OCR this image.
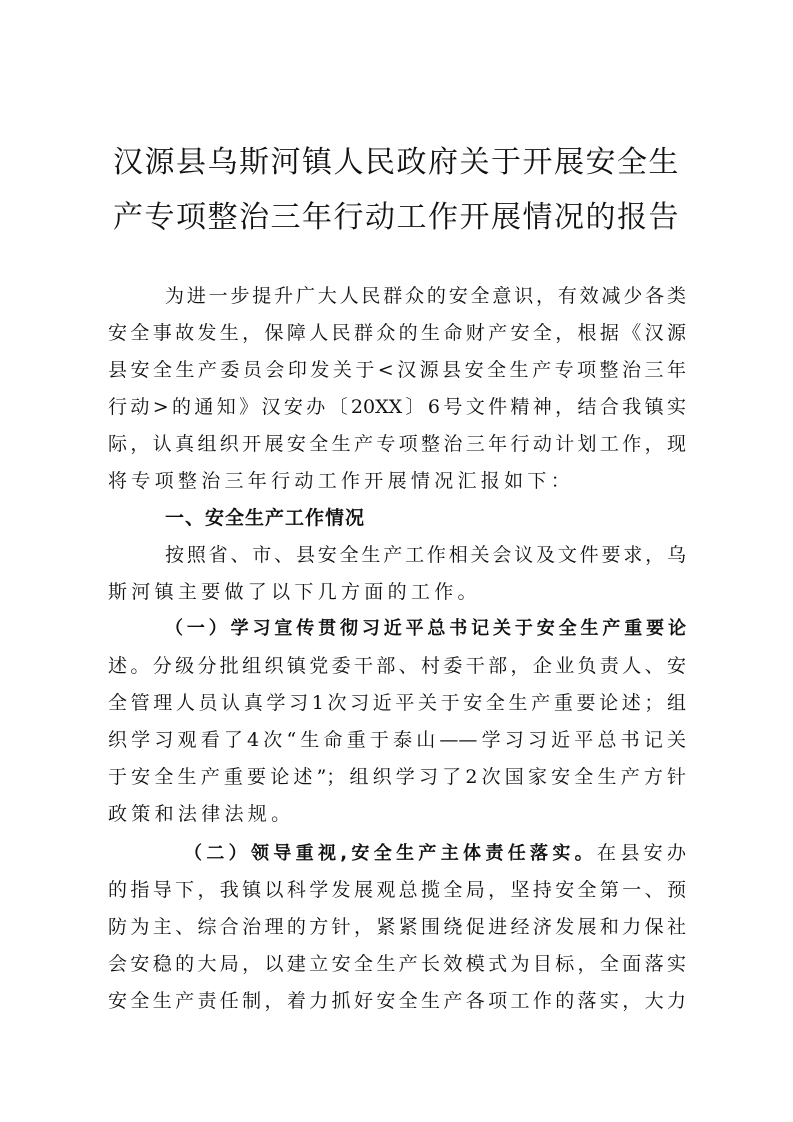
汉源县乌斯河镇人民政府关于开展安全生
产专项整治三年行动工作开展情况的报告
为进一步提升广大人民群众的安全意识，有效减少各类
安全事故发生，保障人民群众的生命财产安全，根据《汉源
县安全生产委员会印发关于<汉源县安全生产专项整治三年
行动>的通知》汉安办〔20XX〕6号文件精神，结合我镇实
际，认真组织开展安全生产专项整治三年行动计划工作，现
将专项整治三年行动工作开展情况汇报如下：
一、安全生产工作情况
按照省、市、县安全生产工作相关会议及文件要求，乌
斯河镇主要做了以下几方面的工作。
（一）学习宣传贯彻习近平总书记关于安全生产重要论
述。分级分批组织镇党委干部、村委干部，企业负责人、安
全管理人员认真学习1次习近平关于安全生产重要论述；组
织学习观看了4次“生命重于泰山——学习习近平总书记关
于安全生产重要论述”；组织学习了2次国家安全生产方针
政策和法律法规。
（二）领导重视,安全生产主体责任落实。在县安办
的指导下，我镇以科学发展观总揽全局，坚持安全第一、预
防为主、综合治理的方针，紧紧围绕促进经济发展和力保社
会安稳的大局，以建立安全生产长效模式为目标，全面落实
安全生产责任制，着力抓好安全生产各项工作的落实，大力
